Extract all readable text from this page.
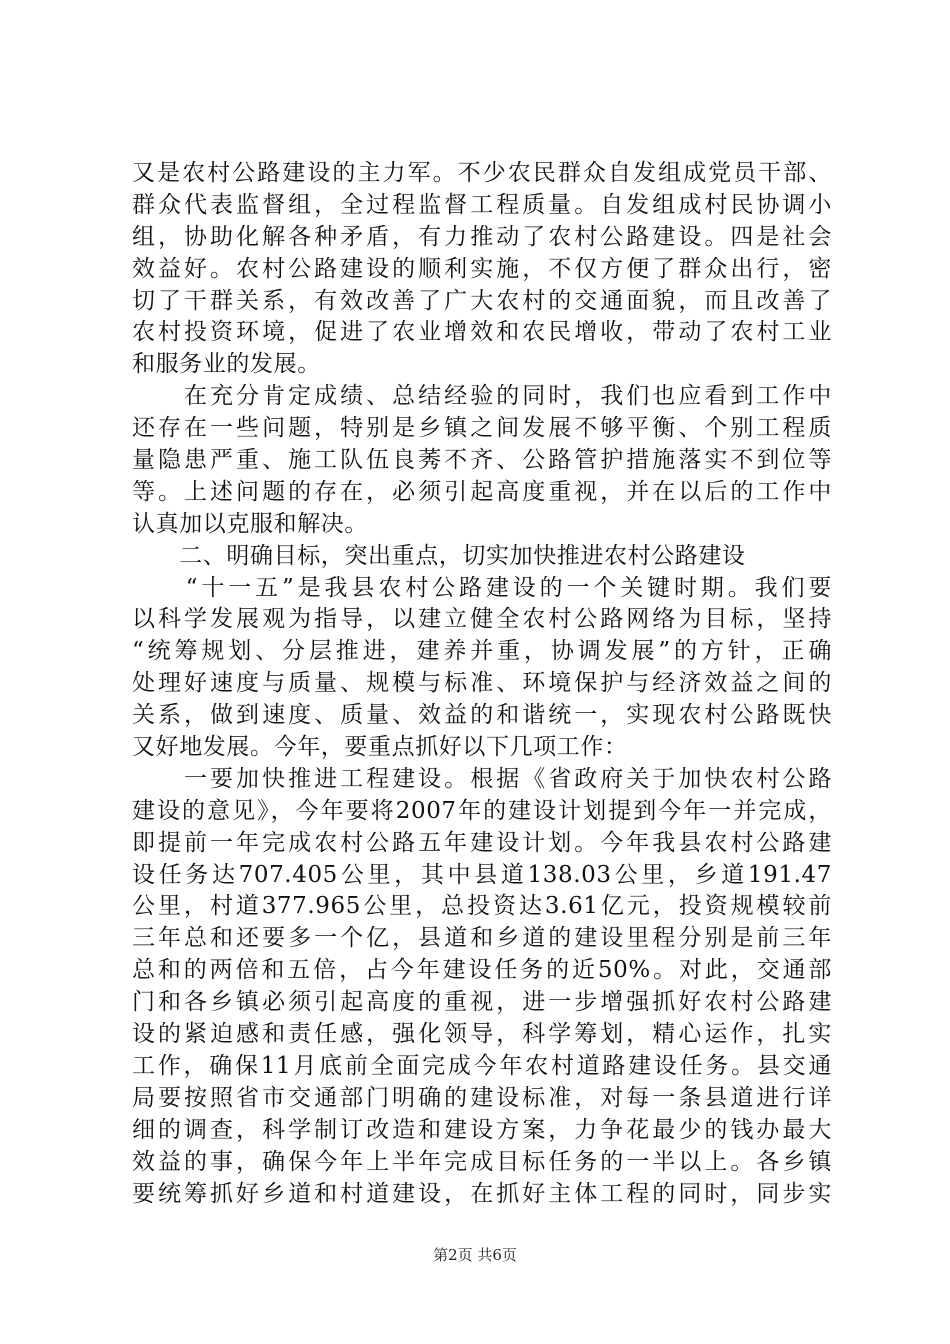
又是农村公路建设的主力军。不少农民群众自发组成党员干部、
群众代表监督组，全过程监督工程质量。自发组成村民协调小
组，协助化解各种矛盾，有力推动了农村公路建设。四是社会
效益好。农村公路建设的顺利实施，不仅方便了群众出行，密
切了干群关系，有效改善了广大农村的交通面貌，而且改善了
农村投资环境，促进了农业增效和农民增收，带动了农村工业
和服务业的发展。
　　在充分肯定成绩、总结经验的同时，我们也应看到工作中
还存在一些问题，特别是乡镇之间发展不够平衡、个别工程质
量隐患严重、施工队伍良莠不齐、公路管护措施落实不到位等
等。上述问题的存在，必须引起高度重视，并在以后的工作中
认真加以克服和解决。
　　二、明确目标，突出重点，切实加快推进农村公路建设
　　“十一五”是我县农村公路建设的一个关键时期。我们要
以科学发展观为指导，以建立健全农村公路网络为目标，坚持
“统筹规划、分层推进，建养并重，协调发展”的方针，正确
处理好速度与质量、规模与标准、环境保护与经济效益之间的
关系，做到速度、质量、效益的和谐统一，实现农村公路既快
又好地发展。今年，要重点抓好以下几项工作：
　　一要加快推进工程建设。根据《省政府关于加快农村公路
建设的意见》，今年要将2007年的建设计划提到今年一并完成，
即提前一年完成农村公路五年建设计划。今年我县农村公路建
设任务达707.405公里，其中县道138.03公里，乡道191.47
公里，村道377.965公里，总投资达3.61亿元，投资规模较前
三年总和还要多一个亿，县道和乡道的建设里程分别是前三年
总和的两倍和五倍，占今年建设任务的近50%。对此，交通部
门和各乡镇必须引起高度的重视，进一步增强抓好农村公路建
设的紧迫感和责任感，强化领导，科学筹划，精心运作，扎实
工作，确保11月底前全面完成今年农村道路建设任务。县交通
局要按照省市交通部门明确的建设标准，对每一条县道进行详
细的调查，科学制订改造和建设方案，力争花最少的钱办最大
效益的事，确保今年上半年完成目标任务的一半以上。各乡镇
要统筹抓好乡道和村道建设，在抓好主体工程的同时，同步实
第2页 共6页
